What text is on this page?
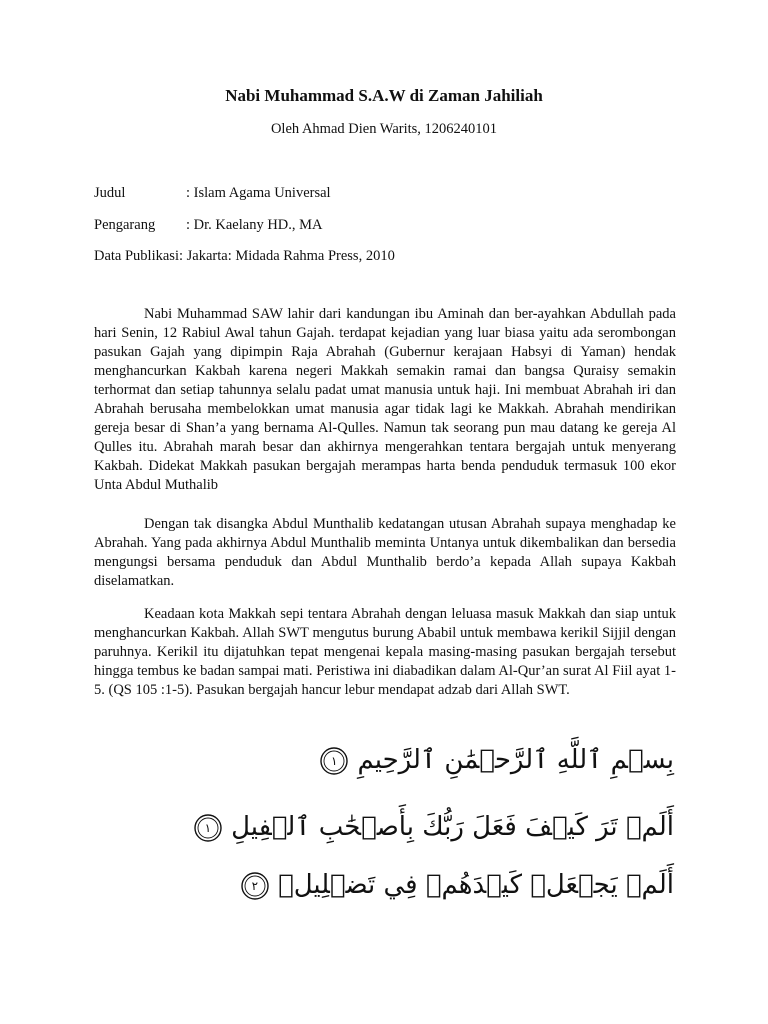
Nabi Muhammad S.A.W di Zaman Jahiliah
Oleh Ahmad Dien Warits, 1206240101
Judul	: Islam Agama Universal
Pengarang : Dr. Kaelany HD., MA
Data Publikasi: Jakarta: Midada Rahma Press, 2010

Nabi Muhammad SAW lahir dari kandungan ibu Aminah dan ber-ayahkan Abdullah pada hari Senin, 12 Rabiul Awal tahun Gajah. terdapat kejadian yang luar biasa yaitu ada serombongan pasukan Gajah yang dipimpin Raja Abrahah (Gubernur kerajaan Habsyi di Yaman) hendak menghancurkan Kakbah karena negeri Makkah semakin ramai dan bangsa Quraisy semakin terhormat dan setiap tahunnya selalu padat umat manusia untuk haji. Ini membuat Abrahah iri dan Abrahah berusaha membelokkan umat manusia agar tidak lagi ke Makkah. Abrahah mendirikan gereja besar di Shan’a yang bernama Al-Qulles. Namun tak seorang pun mau datang ke gereja Al Qulles itu. Abrahah marah besar dan akhirnya mengerahkan tentara bergajah untuk menyerang Kakbah. Didekat Makkah pasukan bergajah merampas harta benda penduduk termasuk 100 ekor Unta Abdul Muthalib

Dengan tak disangka Abdul Munthalib kedatangan utusan Abrahah supaya menghadap ke Abrahah. Yang pada akhirnya Abdul Munthalib meminta Untanya untuk dikembalikan dan bersedia mengungsi bersama penduduk dan Abdul Munthalib berdo’a kepada Allah supaya Kakbah diselamatkan.

Keadaan kota Makkah sepi tentara Abrahah dengan leluasa masuk Makkah dan siap untuk menghancurkan Kakbah. Allah SWT mengutus burung Ababil untuk membawa kerikil Sijjil dengan paruhnya. Kerikil itu dijatuhkan tepat mengenai kepala masing-masing pasukan bergajah tersebut hingga tembus ke badan sampai mati. Peristiwa ini diabadikan dalam Al-Qur’an surat Al Fiil ayat 1-5. (QS 105 :1-5). Pasukan bergajah hancur lebur mendapat adzab dari Allah SWT.

بِسۡمِ ٱللَّهِ ٱلرَّحۡمَٰنِ ٱلرَّحِيمِ
١
أَلَمۡ تَرَ كَيۡفَ فَعَلَ رَبُّكَ بِأَصۡحَٰبِ ٱلۡفِيلِ
١
أَلَمۡ يَجۡعَلۡ كَيۡدَهُمۡ فِي تَضۡلِيلٖ
٢
